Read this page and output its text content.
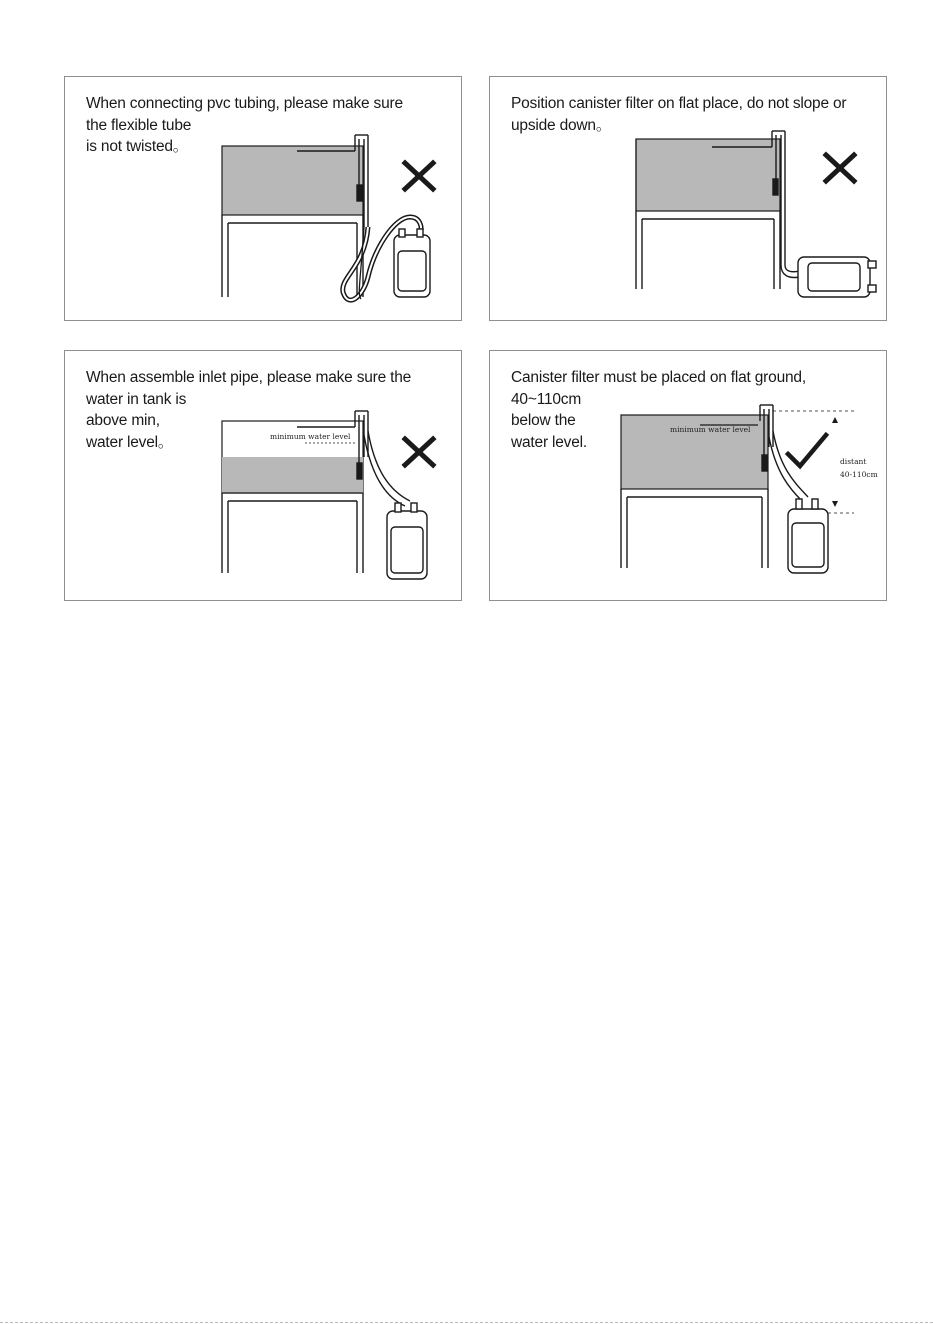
When connecting pvc tubing, please make sure
the flexible tube
is not twisted。
Position canister filter on flat place, do not slope or
upside down。
When assemble inlet pipe, please make sure the
water in tank is
above min,
water level。	minimum water level
Canister filter must be placed on flat ground,
40~110cm
below the
water level.
minimum water level
distant
40-110cm
